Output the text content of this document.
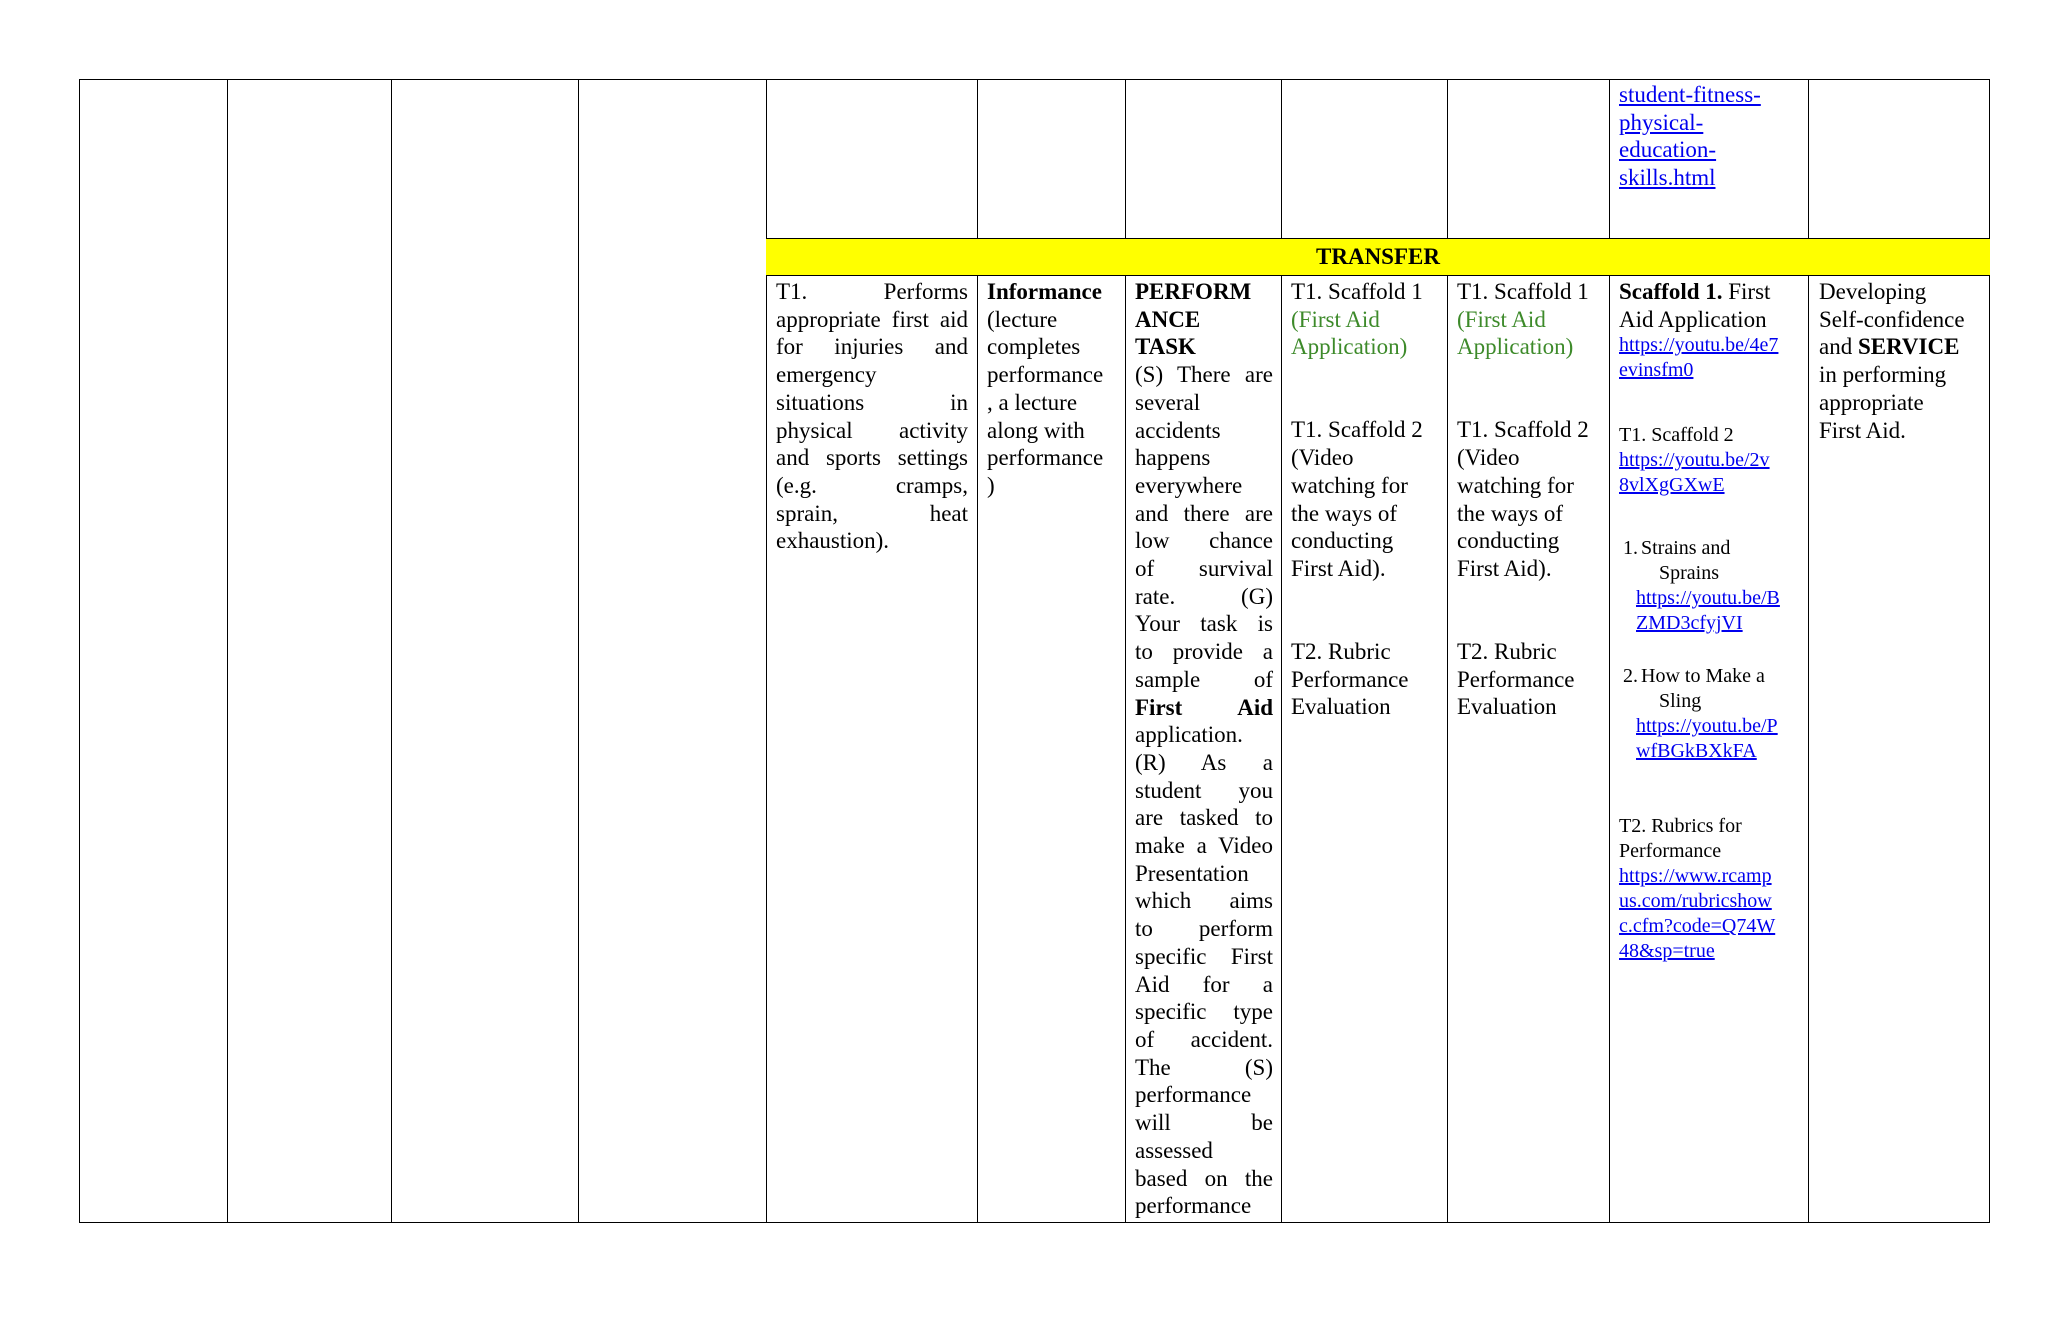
TRANSFER
student-fitness-
physical-
education-
skills.html
T1. Performs
appropriate first aid
for injuries and
emergency
situations in
physical activity
and sports settings
(e.g. cramps,
sprain, heat
exhaustion).
Informance
(lecture
completes
performance
, a lecture
along with
performance
)
PERFORM
ANCE
TASK
(S) There are
several
accidents
happens
everywhere
and there are
low chance
of survival
rate. (G)
Your task is
to provide a
sample of
First Aid
application.
(R) As a
student you
are tasked to
make a Video
Presentation
which aims
to perform
specific First
Aid for a
specific type
of accident.
The (S)
performance
will be
assessed
based on the
performance
T1. Scaffold 1
(First Aid
Application)
T1. Scaffold 2
(Video
watching for
the ways of
conducting
First Aid).
T2. Rubric
Performance
Evaluation
T1. Scaffold 1
(First Aid
Application)
T1. Scaffold 2
(Video
watching for
the ways of
conducting
First Aid).
T2. Rubric
Performance
Evaluation
Scaffold 1. First
Aid Application
https://youtu.be/4e7
evinsfm0
T1. Scaffold 2
https://youtu.be/2v
8vlXgGXwE
1. Strains and
Sprains
https://youtu.be/B
ZMD3cfyjVI
2. How to Make a
Sling
https://youtu.be/P
wfBGkBXkFA
T2. Rubrics for
Performance
https://www.rcamp
us.com/rubricshow
c.cfm?code=Q74W
48&sp=true
Developing
Self-confidence
and SERVICE
in performing
appropriate
First Aid.
